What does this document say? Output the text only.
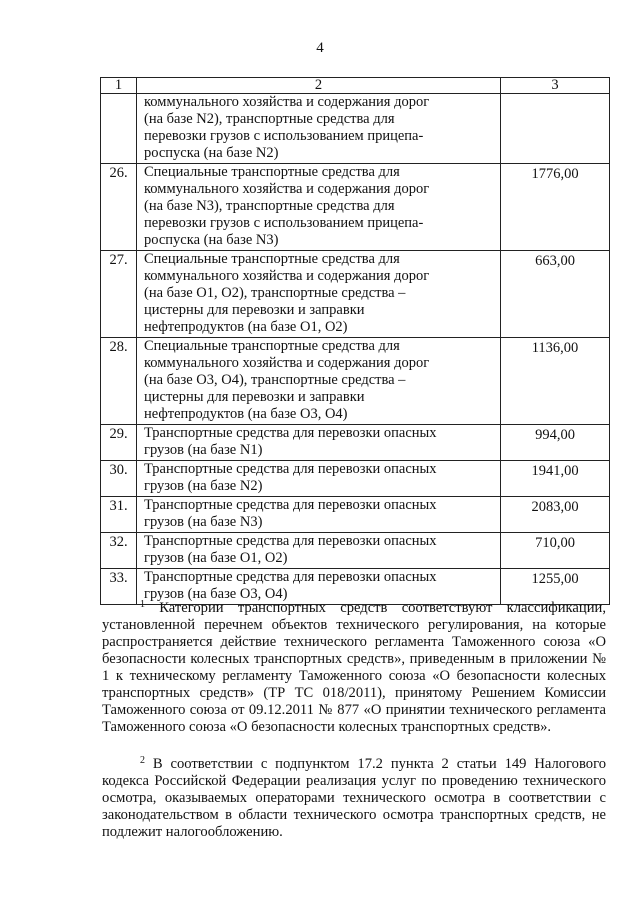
4
1	2	3

	коммунального хозяйства и содержания дорог
(на базе N2), транспортные средства для
перевозки грузов с использованием прицепа-
роспуска (на базе N2)	

26.	Специальные транспортные средства для
коммунального хозяйства и содержания дорог
(на базе N3), транспортные средства для
перевозки грузов с использованием прицепа-
роспуска (на базе N3)	1776,00
27.	Специальные транспортные средства для
коммунального хозяйства и содержания дорог
(на базе O1, O2), транспортные средства –
цистерны для перевозки и заправки
нефтепродуктов (на базе O1, O2)	663,00
28.	Специальные транспортные средства для
коммунального хозяйства и содержания дорог
(на базе O3, O4), транспортные средства –
цистерны для перевозки и заправки
нефтепродуктов (на базе O3, O4)	1136,00
29.	Транспортные средства для перевозки опасных
грузов (на базе N1)	994,00
30.	Транспортные средства для перевозки опасных
грузов (на базе N2)	1941,00
31.	Транспортные средства для перевозки опасных
грузов (на базе N3)	2083,00
32.	Транспортные средства для перевозки опасных
грузов (на базе O1, O2)	710,00
33.	Транспортные средства для перевозки опасных
грузов (на базе O3, O4)	1255,00
$^1$ Категории транспортных средств соответствуют классификации, установленной перечнем объектов технического регулирования, на которые распространяется действие технического регламента Таможенного союза «О безопасности колесных транспортных средств», приведенным в приложении № 1 к техническому регламенту Таможенного союза «О безопасности колесных транспортных средств» (ТР ТС 018/2011), принятому Решением Комиссии Таможенного союза от 09.12.2011 № 877 «О принятии технического регламента Таможенного союза «О безопасности колесных транспортных средств».
$^2$ В соответствии с подпунктом 17.2 пункта 2 статьи 149 Налогового кодекса Российской Федерации реализация услуг по проведению технического осмотра, оказываемых операторами технического осмотра в соответствии с законодательством в области технического осмотра транспортных средств, не подлежит налогообложению.
